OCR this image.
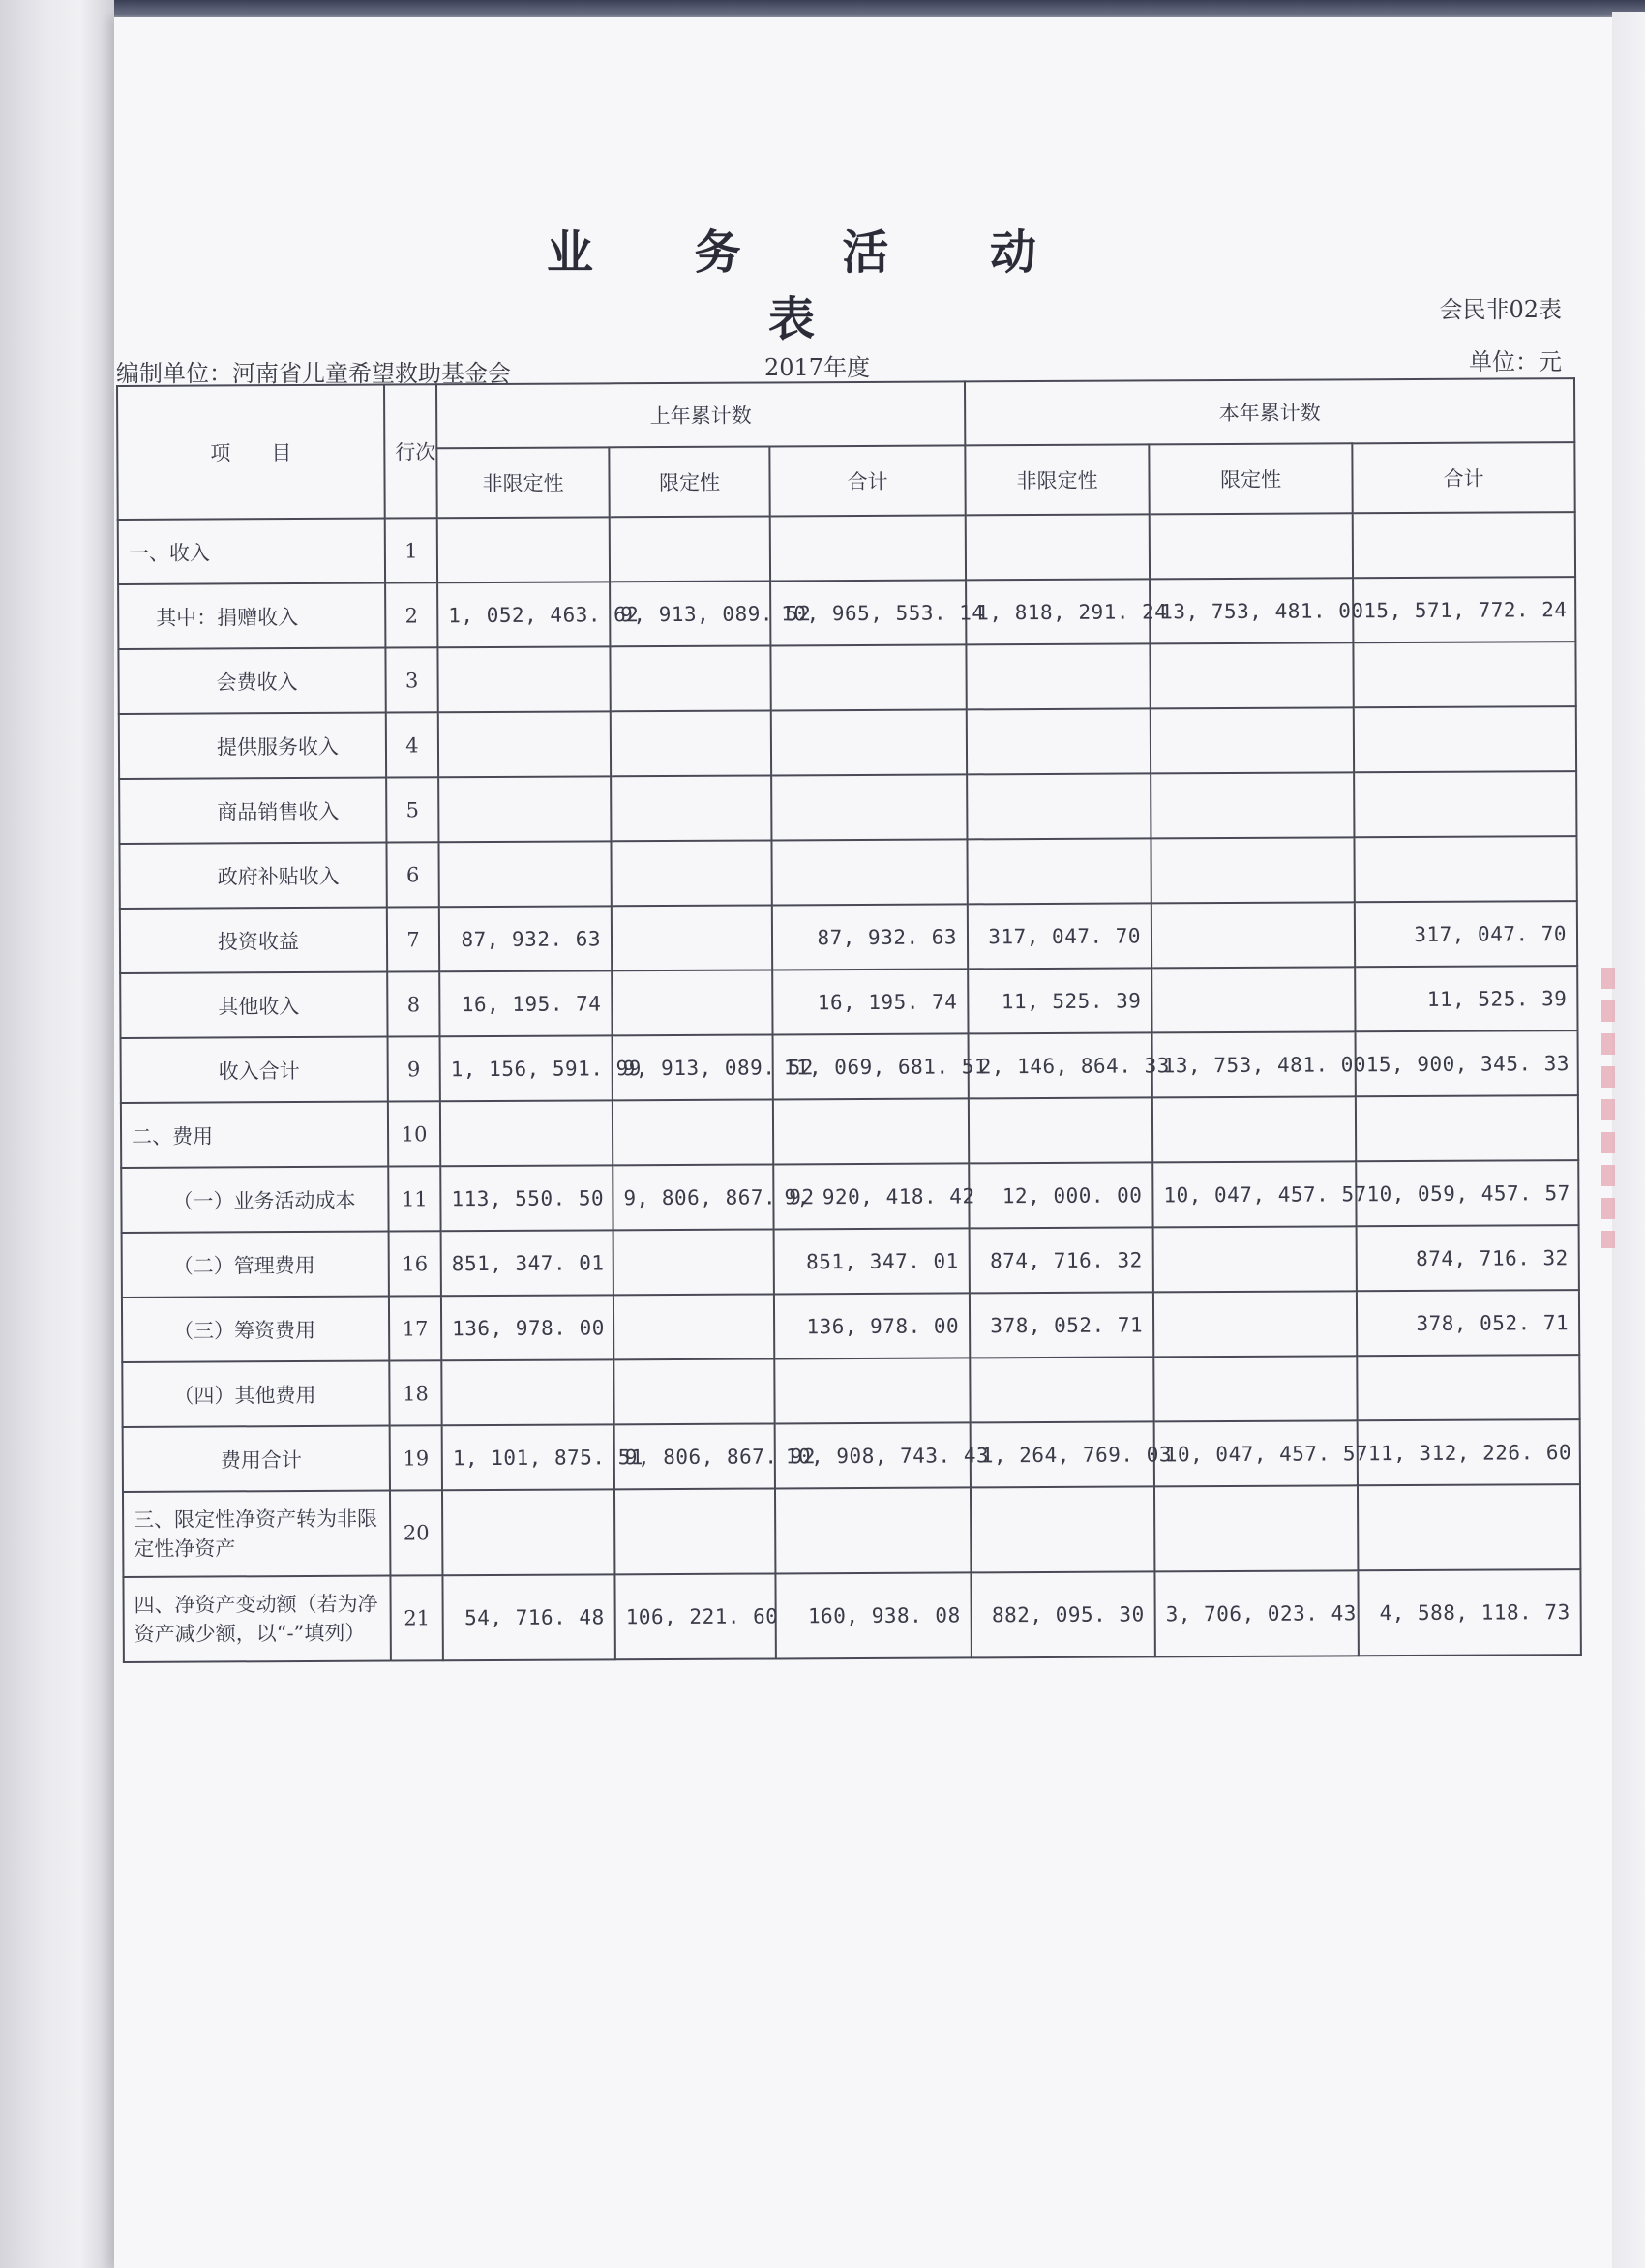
业 务 活 动 表	会民非02表
编制单位：河南省儿童希望救助基金会	2017年度	单位：元
项　　目	行次	上年累计数			本年累计数		
		非限定性	限定性	合计	非限定性	限定性	合计
一、收入	1						
其中：捐赠收入	2	1, 052, 463. 62	9, 913, 089. 52	10, 965, 553. 14	1, 818, 291. 24	13, 753, 481. 00	15, 571, 772. 24
会费收入	3						
提供服务收入	4						
商品销售收入	5						
政府补贴收入	6						
投资收益	7	87, 932. 63		87, 932. 63	317, 047. 70		317, 047. 70
其他收入	8	16, 195. 74		16, 195. 74	11, 525. 39		11, 525. 39
收入合计	9	1, 156, 591. 99	9, 913, 089. 52	11, 069, 681. 51	2, 146, 864. 33	13, 753, 481. 00	15, 900, 345. 33
二、费用	10						
（一）业务活动成本	11	113, 550. 50	9, 806, 867. 92	9, 920, 418. 42	12, 000. 00	10, 047, 457. 57	10, 059, 457. 57
（二）管理费用	16	851, 347. 01		851, 347. 01	874, 716. 32		874, 716. 32
（三）筹资费用	17	136, 978. 00		136, 978. 00	378, 052. 71		378, 052. 71
（四）其他费用	18						
费用合计	19	1, 101, 875. 51	9, 806, 867. 92	10, 908, 743. 43	1, 264, 769. 03	10, 047, 457. 57	11, 312, 226. 60
三、限定性净资产转为非限定性净资产	20						
四、净资产变动额（若为净资产减少额，以“-”填列）	21	54, 716. 48	106, 221. 60	160, 938. 08	882, 095. 30	3, 706, 023. 43	4, 588, 118. 73
